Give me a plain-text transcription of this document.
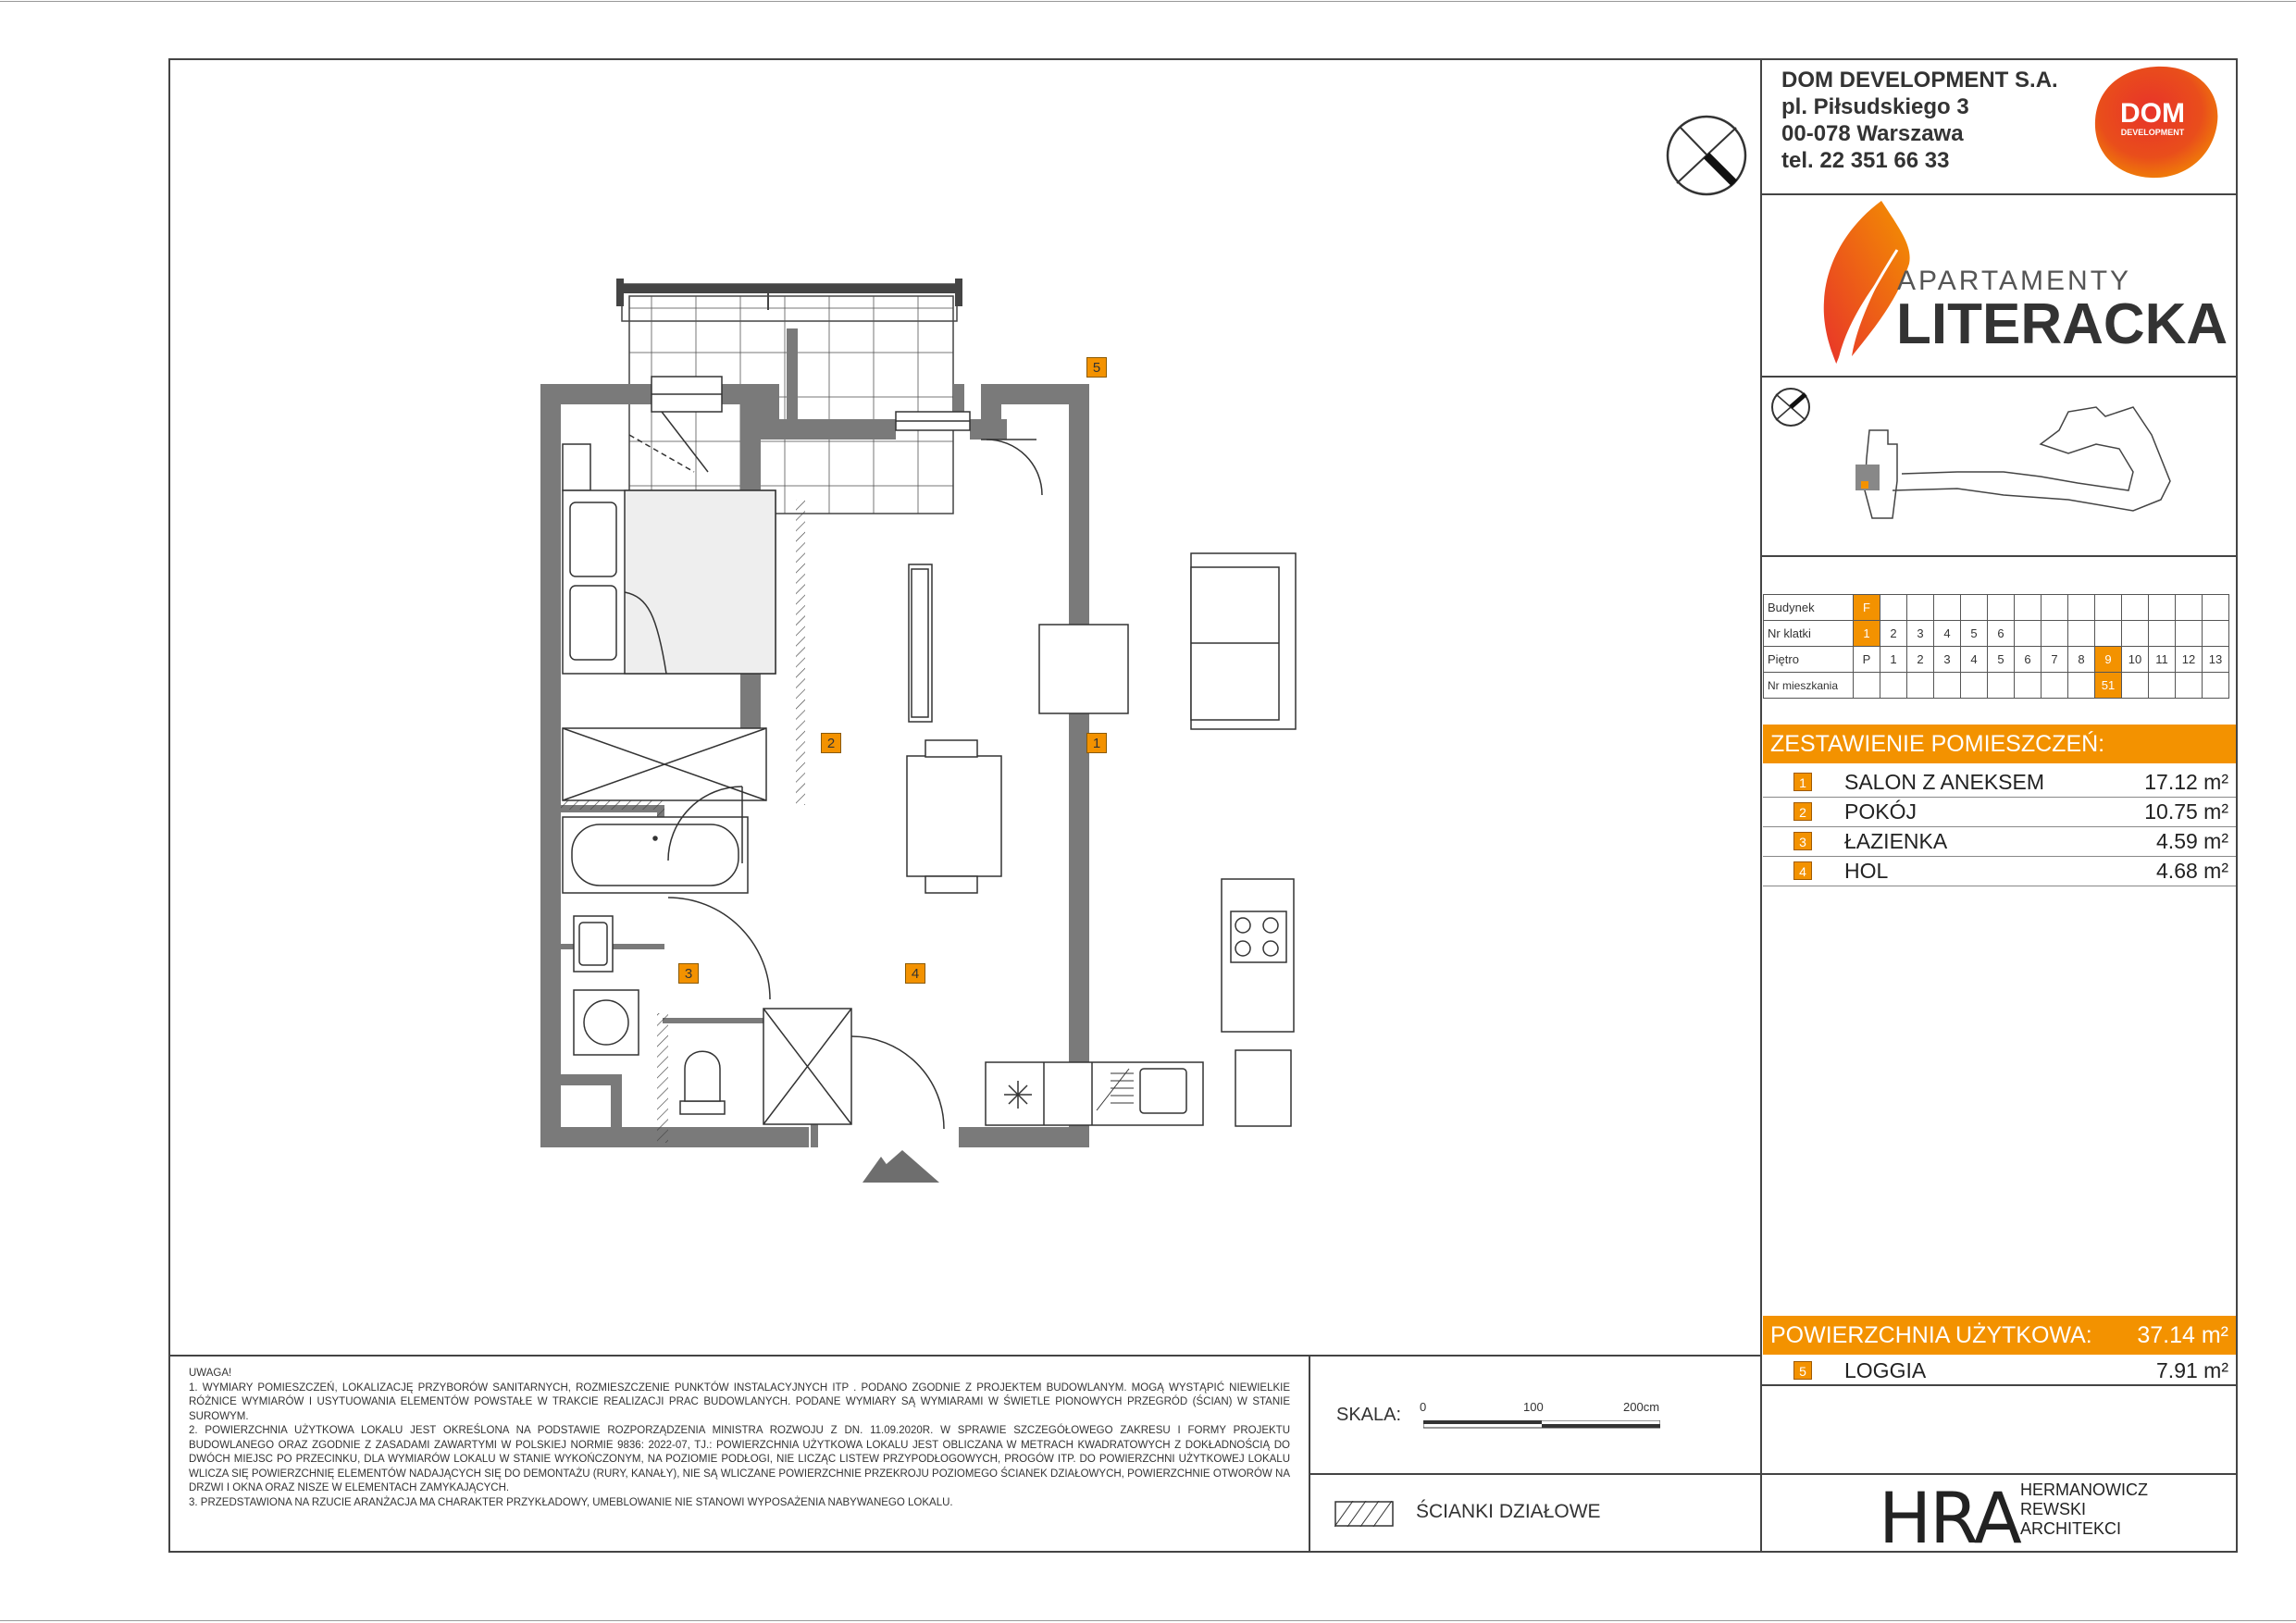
DOM DEVELOPMENT S.A.
pl. Piłsudskiego 3
00-078 Warszawa
tel. 22 351 66 33
DOM
DEVELOPMENT
APARTAMENTY
LITERACKA
Budynek	F													
Nr klatki	1	2	3	4	5	6								
Piętro	P	1	2	3	4	5	6	7	8	9	10	11	12	13
Nr mieszkania										51				
ZESTAWIENIE POMIESZCZEŃ:
1 SALON Z ANEKSEM	17.12 m²
2 POKÓJ	10.75 m²
3 ŁAZIENKA	4.59 m²
4 HOL	4.68 m²
POWIERZCHNIA UŻYTKOWA: 37.14 m²
5 LOGGIA	7.91 m²

UWAGA!

1. WYMIARY POMIESZCZEŃ, LOKALIZACJĘ PRZYBORÓW SANITARNYCH, ROZMIESZCZENIE PUNKTÓW INSTALACYJNYCH ITP . PODANO ZGODNIE Z PROJEKTEM BUDOWLANYM. MOGĄ WYSTĄPIĆ NIEWIELKIE RÓŻNICE WYMIARÓW I USYTUOWANIA ELEMENTÓW POWSTAŁE W TRAKCIE REALIZACJI PRAC BUDOWLANYCH. PODANE WYMIARY SĄ WYMIARAMI W ŚWIETLE PIONOWYCH PRZEGRÓD (ŚCIAN) W STANIE SUROWYM.

2. POWIERZCHNIA UŻYTKOWA LOKALU JEST OKREŚLONA NA PODSTAWIE ROZPORZĄDZENIA MINISTRA ROZWOJU Z DN. 11.09.2020R. W SPRAWIE SZCZEGÓŁOWEGO ZAKRESU I FORMY PROJEKTU BUDOWLANEGO ORAZ ZGODNIE Z ZASADAMI ZAWARTYMI W POLSKIEJ NORMIE 9836: 2022-07, TJ.: POWIERZCHNIA UŻYTKOWA LOKALU JEST OBLICZANA W METRACH KWADRATOWYCH Z DOKŁADNOŚCIĄ DO DWÓCH MIEJSC PO PRZECINKU, DLA WYMIARÓW LOKALU W STANIE WYKOŃCZONYM, NA POZIOMIE PODŁOGI, NIE LICZĄC LISTEW PRZYPODŁOGOWYCH, PROGÓW ITP. DO POWIERZCHNI UŻYTKOWEJ LOKALU WLICZA SIĘ POWIERZCHNIĘ ELEMENTÓW NADAJĄCYCH SIĘ DO DEMONTAŻU (RURY, KANAŁY), NIE SĄ WLICZANE POWIERZCHNIE PRZEKROJU POZIOMEGO ŚCIANEK DZIAŁOWYCH, POWIERZCHNIE OTWORÓW NA DRZWI I OKNA ORAZ NISZE W ELEMENTACH ZAMYKAJĄCYCH.

3. PRZEDSTAWIONA NA RZUCIE ARANŻACJA MA CHARAKTER PRZYKŁADOWY, UMEBLOWANIE NIE STANOWI WYPOSAŻENIA NABYWANEGO LOKALU.

SKALA: 0	100	200cm
ŚCIANKI DZIAŁOWE	HRA HERMANOWICZ
REWSKI
ARCHITEKCI
1
2
3	4
5
